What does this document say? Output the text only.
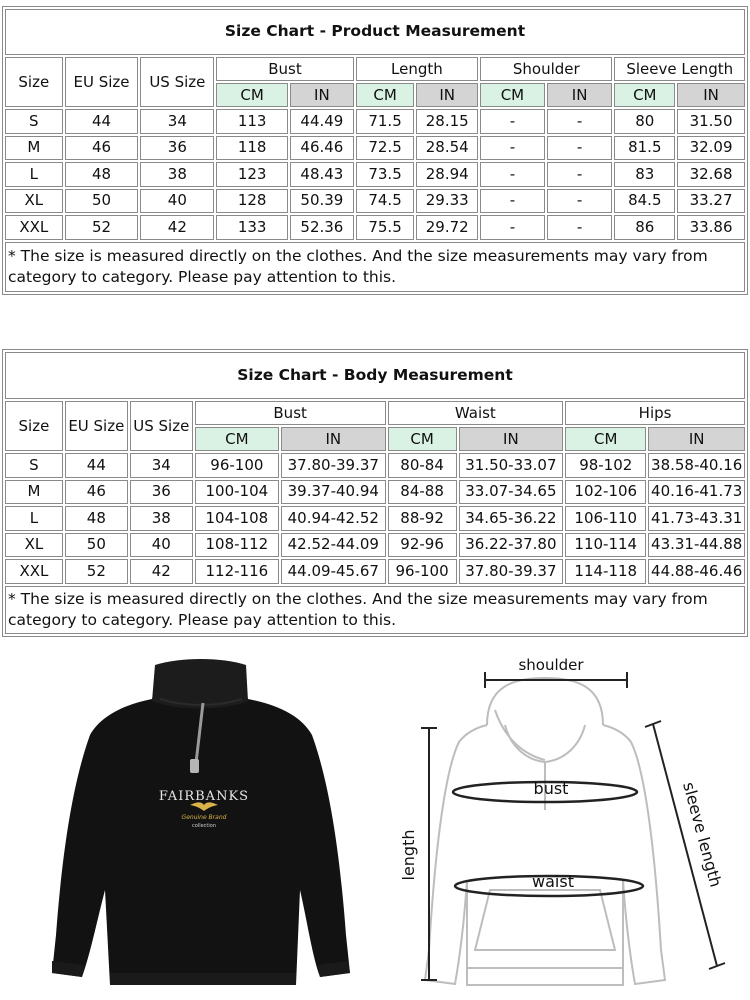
Size Chart - Product Measurement										
Size	EU Size	US Size	Bust		Length		Shoulder		Sleeve Length	
			CM	IN	CM	IN	CM	IN	CM	IN
S	44	34	113	44.49	71.5	28.15	-	-	80	31.50
M	46	36	118	46.46	72.5	28.54	-	-	81.5	32.09
L	48	38	123	48.43	73.5	28.94	-	-	83	32.68
XL	50	40	128	50.39	74.5	29.33	-	-	84.5	33.27
XXL	52	42	133	52.36	75.5	29.72	-	-	86	33.86
* The size is measured directly on the clothes. And the size measurements may vary from category to category. Please pay attention to this.										
Size Chart - Body Measurement								
Size	EU Size	US Size	Bust		Waist		Hips	
			CM	IN	CM	IN	CM	IN
S	44	34	96-100	37.80-39.37	80-84	31.50-33.07	98-102	38.58-40.16
M	46	36	100-104	39.37-40.94	84-88	33.07-34.65	102-106	40.16-41.73
L	48	38	104-108	40.94-42.52	88-92	34.65-36.22	106-110	41.73-43.31
XL	50	40	108-112	42.52-44.09	92-96	36.22-37.80	110-114	43.31-44.88
XXL	52	42	112-116	44.09-45.67	96-100	37.80-39.37	114-118	44.88-46.46
* The size is measured directly on the clothes. And the size measurements may vary from category to category. Please pay attention to this.								
FAIRBANKS
Genuine Brand
collection
shoulder
bust
waist
length	sleeve length
